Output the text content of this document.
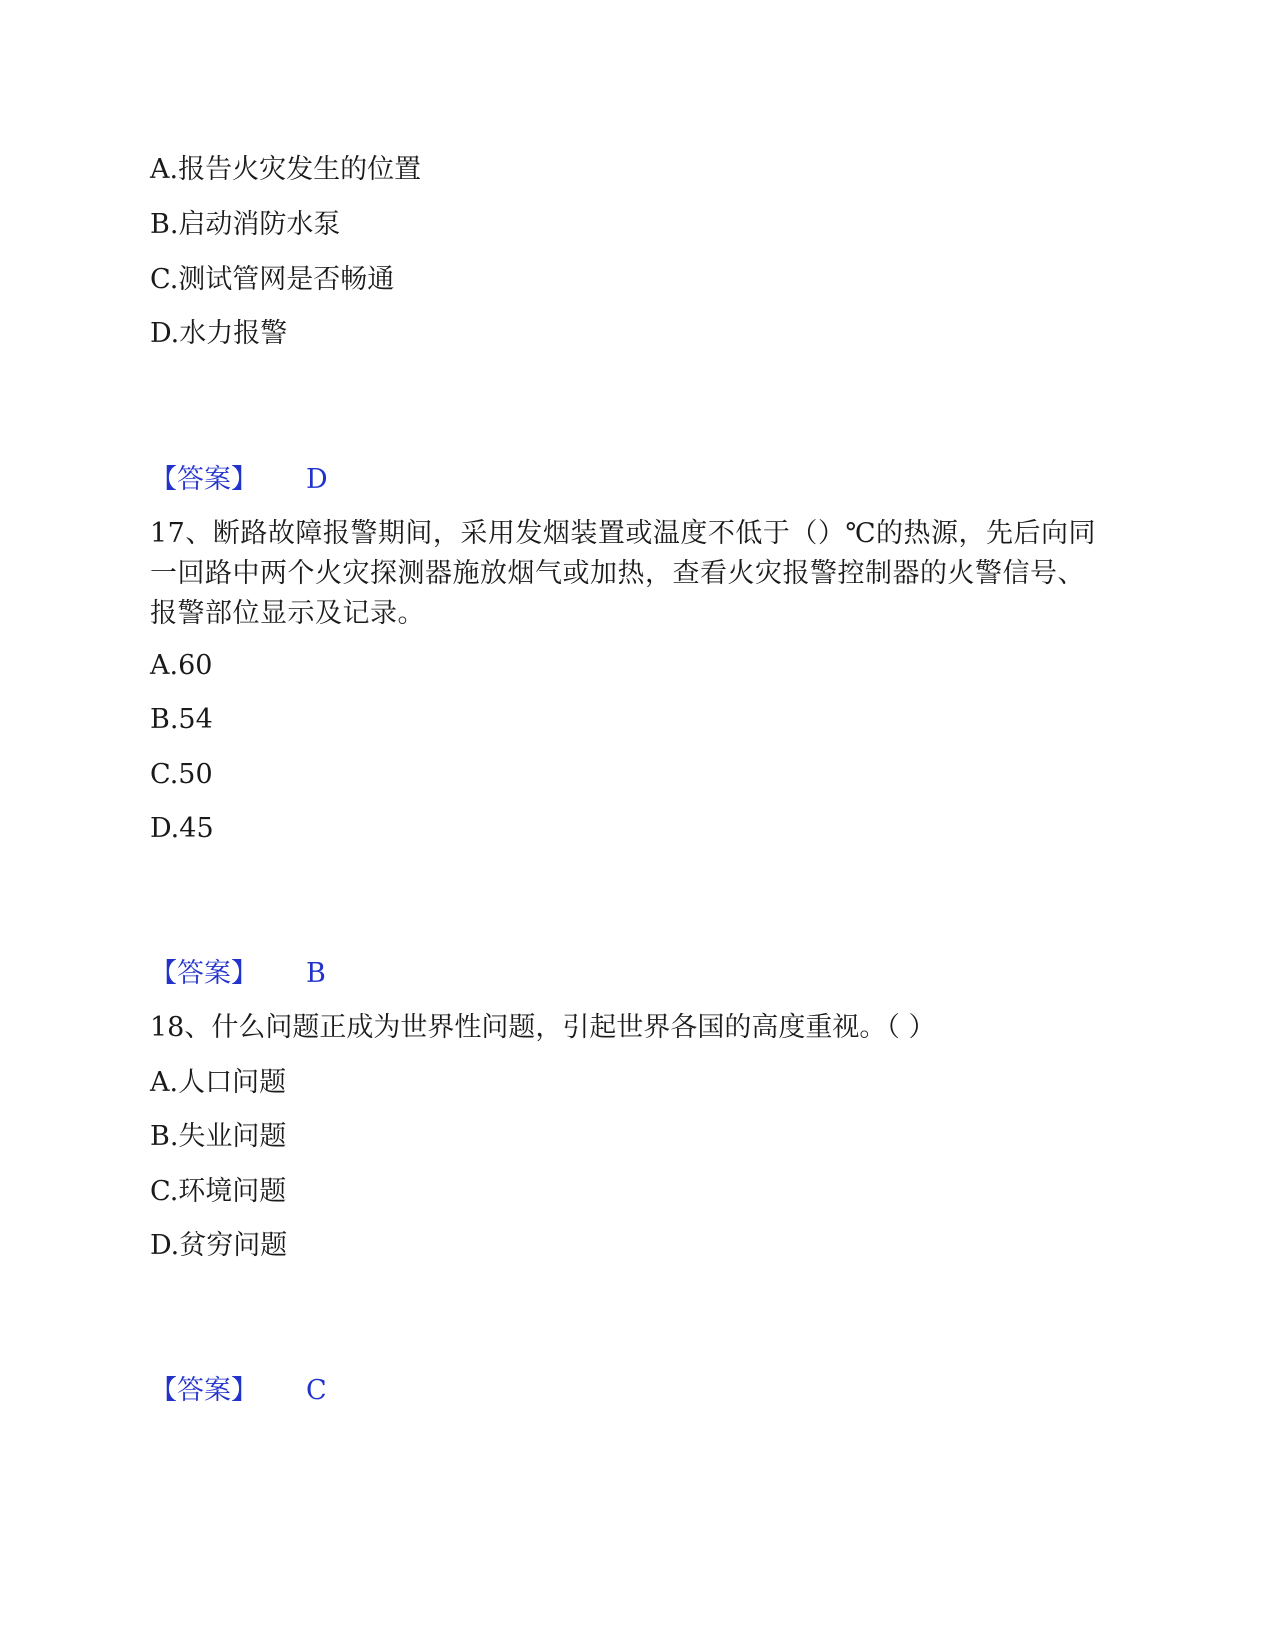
A.报告火灾发生的位置
B.启动消防水泵
C.测试管网是否畅通
D.水力报警
【答案】 D
17、断路故障报警期间，采用发烟装置或温度不低于（）℃的热源，先后向同一回路中两个火灾探测器施放烟气或加热，查看火灾报警控制器的火警信号、报警部位显示及记录。
A.60
B.54
C.50
D.45
【答案】 B
18、什么问题正成为世界性问题，引起世界各国的高度重视。（ ）
A.人口问题
B.失业问题
C.环境问题
D.贫穷问题
【答案】 C
